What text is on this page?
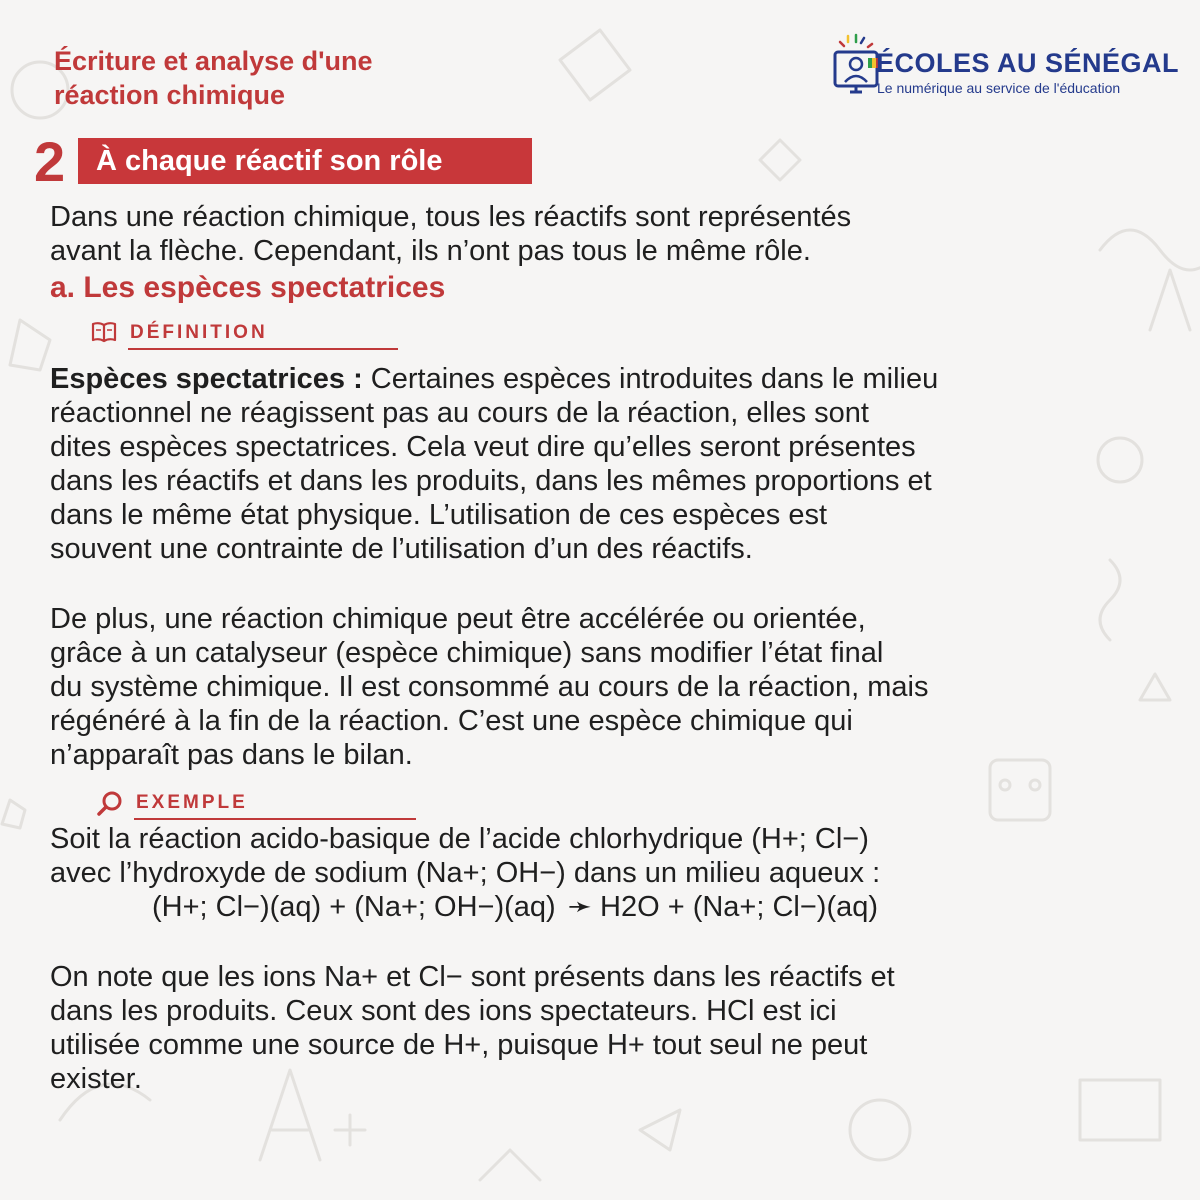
Écriture et analyse d'une
réaction chimique
ÉCOLES AU SÉNÉGAL
Le numérique au service de l'éducation
2	À chaque réactif son rôle
Dans une réaction chimique, tous les réactifs sont représentés
avant la flèche. Cependant, ils n’ont pas tous le même rôle.
a. Les espèces spectatrices
DÉFINITION
Espèces spectatrices : Certaines espèces introduites dans le milieu
réactionnel ne réagissent pas au cours de la réaction, elles sont
dites espèces spectatrices. Cela veut dire qu’elles seront présentes
dans les réactifs et dans les produits, dans les mêmes proportions et
dans le même état physique. L’utilisation de ces espèces est
souvent une contrainte de l’utilisation d’un des réactifs.
De plus, une réaction chimique peut être accélérée ou orientée,
grâce à un catalyseur (espèce chimique) sans modifier l’état final
du système chimique. Il est consommé au cours de la réaction, mais
régénéré à la fin de la réaction. C’est une espèce chimique qui
n’apparaît pas dans le bilan.
EXEMPLE
Soit la réaction acido-basique de l’acide chlorhydrique (H+; Cl−)
avec l’hydroxyde de sodium (Na+; OH−) dans un milieu aqueux :
(H+; Cl−)(aq) + (Na+; OH−)(aq) ➛ H2O + (Na+; Cl−)(aq)
On note que les ions Na+ et Cl− sont présents dans les réactifs et
dans les produits. Ceux sont des ions spectateurs. HCl est ici
utilisée comme une source de H+, puisque H+ tout seul ne peut
exister.
